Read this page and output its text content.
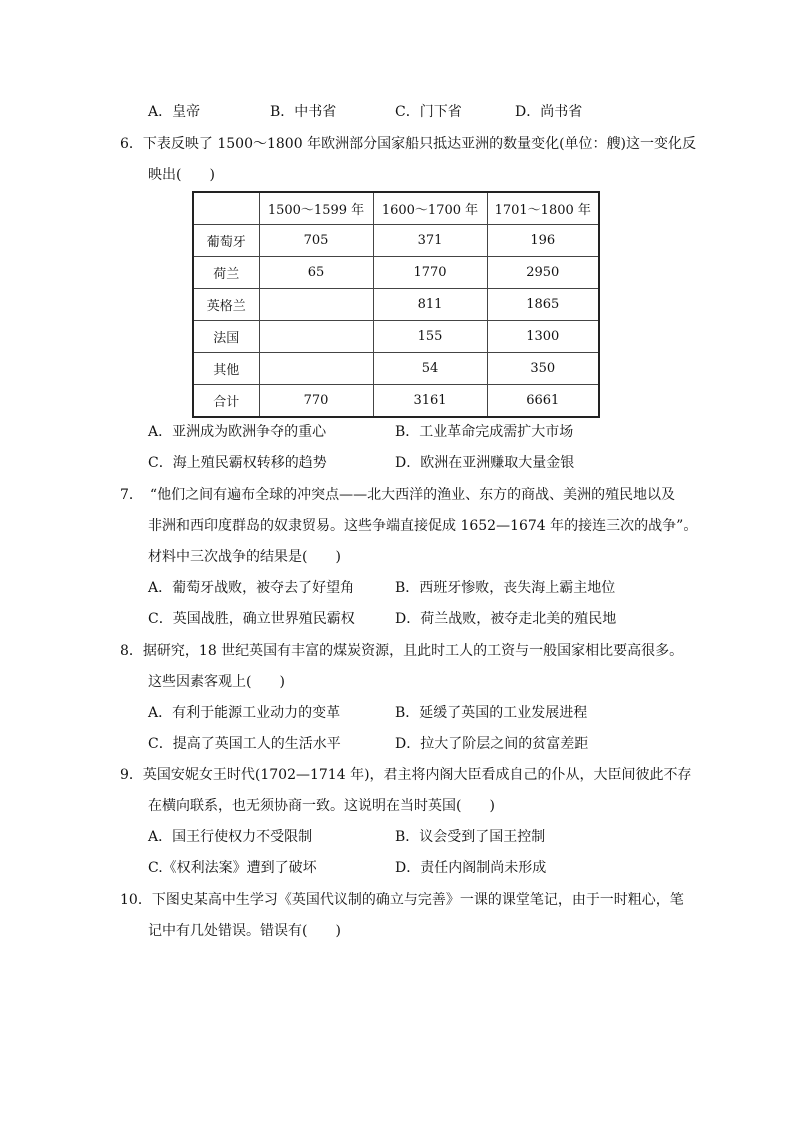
A．皇帝	B．中书省	C．门下省	D．尚书省
6．下表反映了 1500～1800 年欧洲部分国家船只抵达亚洲的数量变化(单位：艘)这一变化反
映出(　　)
	1500～1599 年	1600～1700 年	1701～1800 年
葡萄牙	705	371	196
荷兰	65	1770	2950
英格兰		811	1865
法国		155	1300
其他		54	350
合计	770	3161	6661
A．亚洲成为欧洲争夺的重心	B．工业革命完成需扩大市场
C．海上殖民霸权转移的趋势	D．欧洲在亚洲赚取大量金银
7．　“他们之间有遍布全球的冲突点——北大西洋的渔业、东方的商战、美洲的殖民地以及
非洲和西印度群岛的奴隶贸易。这些争端直接促成 1652—1674 年的接连三次的战争”。
材料中三次战争的结果是(　　)
A．葡萄牙战败，被夺去了好望角	B．西班牙惨败，丧失海上霸主地位
C．英国战胜，确立世界殖民霸权	D．荷兰战败，被夺走北美的殖民地
8．据研究，18 世纪英国有丰富的煤炭资源，且此时工人的工资与一般国家相比要高很多。
这些因素客观上(　　)
A．有利于能源工业动力的变革	B．延缓了英国的工业发展进程
C．提高了英国工人的生活水平	D．拉大了阶层之间的贫富差距
9．英国安妮女王时代(1702—1714 年)，君主将内阁大臣看成自己的仆从，大臣间彼此不存
在横向联系，也无须协商一致。这说明在当时英国(　　)
A．国王行使权力不受限制	B．议会受到了国王控制
C.《权利法案》遭到了破坏	D．责任内阁制尚未形成
10．下图史某高中生学习《英国代议制的确立与完善》一课的课堂笔记，由于一时粗心，笔
记中有几处错误。错误有(　　)
